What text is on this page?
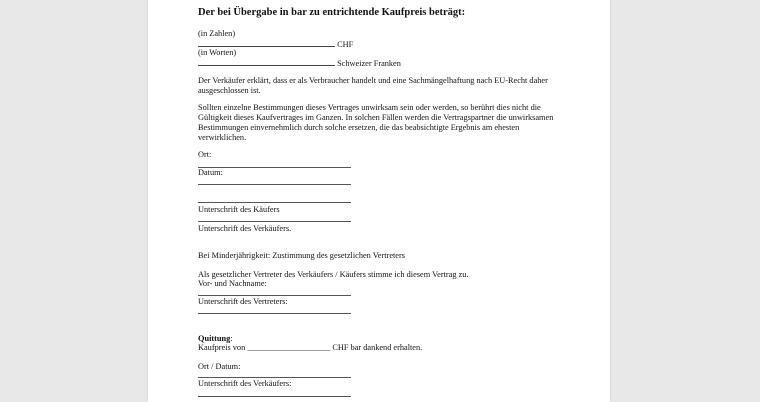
Der bei Übergabe in bar zu entrichtende Kaufpreis beträgt:
(in Zahlen)
CHF
(in Worten)
Schweizer Franken
Der Verkäufer erklärt, dass er als Verbraucher handelt und eine Sachmängelhaftung nach EU-Recht daher ausgeschlossen ist.
Sollten einzelne Bestimmungen dieses Vertrages unwirksam sein oder werden, so berührt dies nicht die Gültigkeit dieses Kaufvertrages im Ganzen. In solchen Fällen werden die Vertragspartner die unwirksamen Bestimmungen einvernehmlich durch solche ersetzen, die das beabsichtigte Ergebnis am ehesten verwirklichen.
Ort:
Datum:
Unterschrift des Käufers
Unterschrift des Verkäufers.
Bei Minderjährigkeit: Zustimmung des gesetzlichen Vertreters
Als gesetzlicher Vertreter des Verkäufers / Käufers stimme ich diesem Vertrag zu.
Vor- und Nachname:
Unterschrift des Vertreters:
Quittung:
Kaufpreis von ____________________ CHF bar dankend erhalten.
Ort / Datum:
Unterschrift des Verkäufers:
